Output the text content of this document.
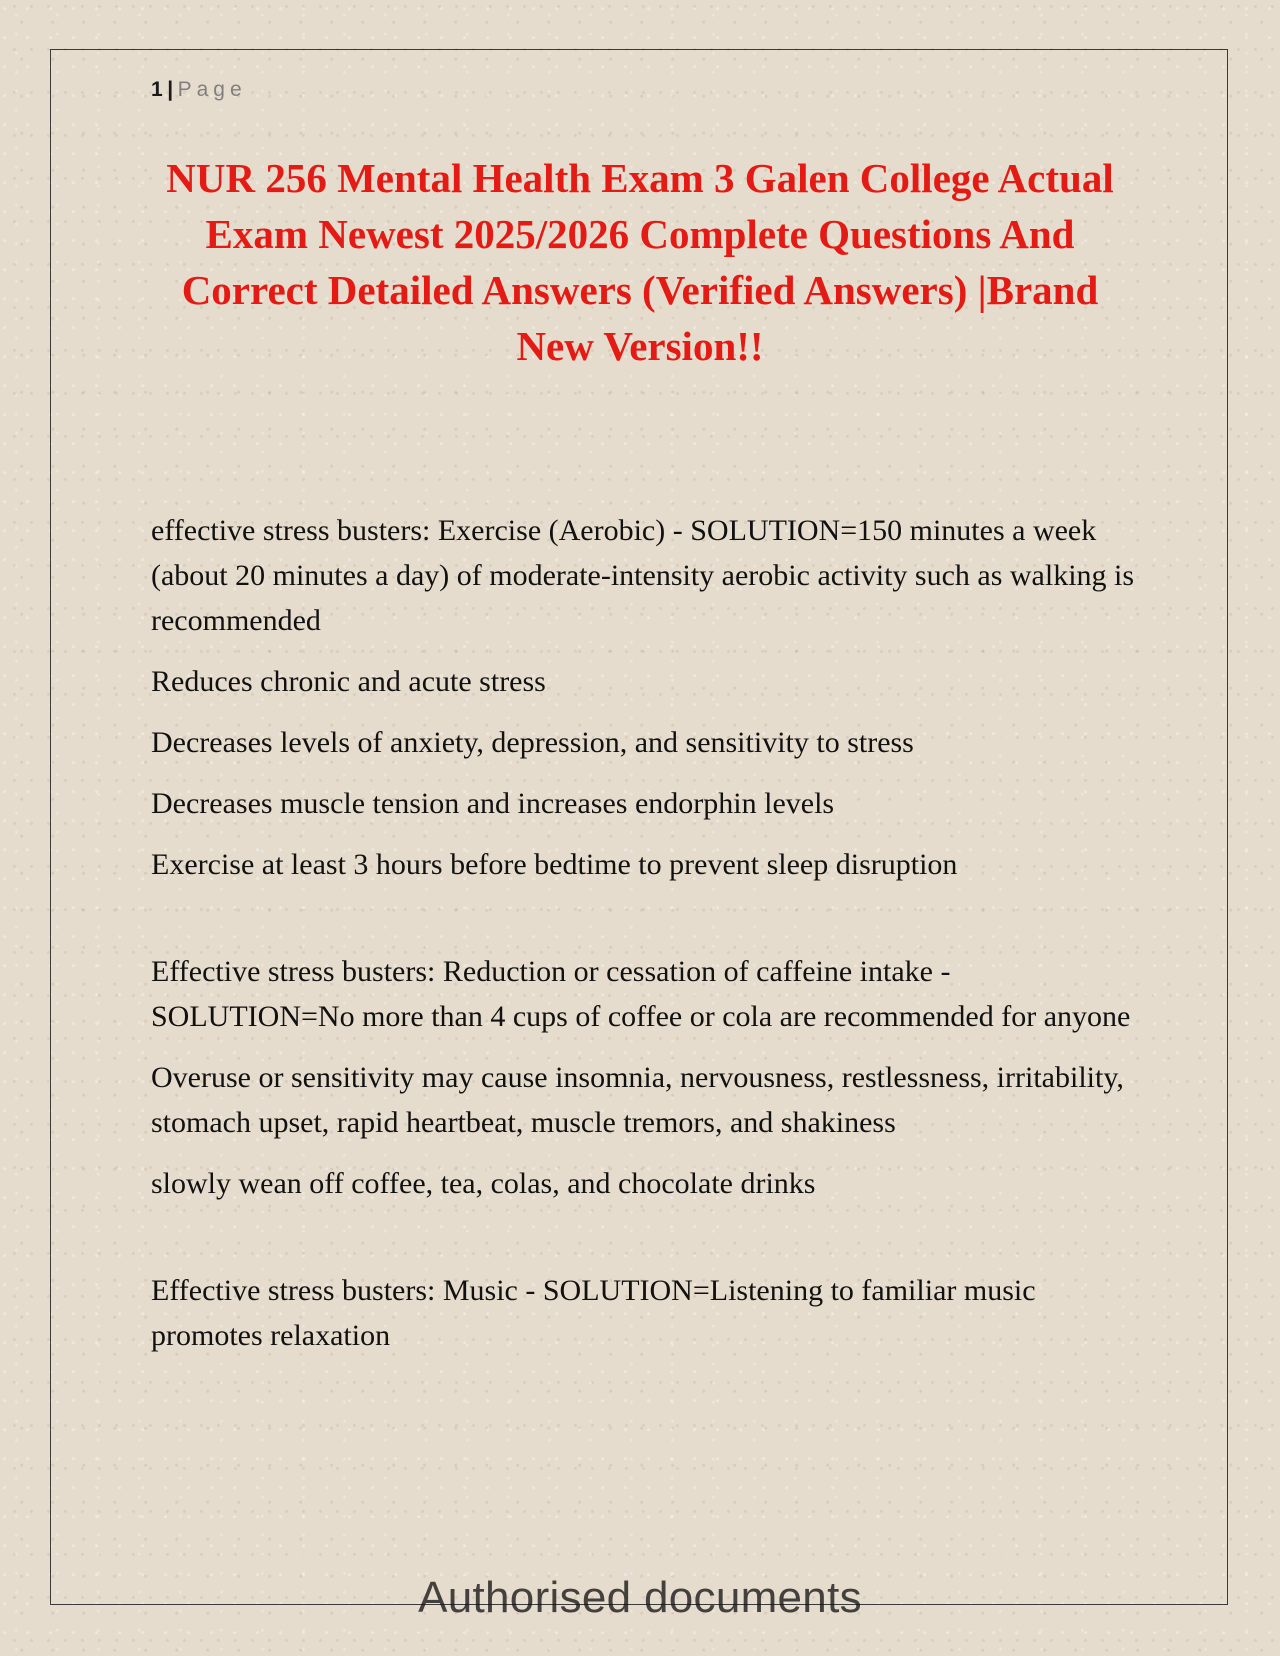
1 | Page
NUR 256 Mental Health Exam 3 Galen College Actual Exam Newest 2025/2026 Complete Questions And Correct Detailed Answers (Verified Answers) |Brand New Version!!

effective stress busters: Exercise (Aerobic) - SOLUTION=150 minutes a week (about 20 minutes a day) of moderate-intensity aerobic activity such as walking is recommended

Reduces chronic and acute stress

Decreases levels of anxiety, depression, and sensitivity to stress

Decreases muscle tension and increases endorphin levels

Exercise at least 3 hours before bedtime to prevent sleep disruption

Effective stress busters: Reduction or cessation of caffeine intake - SOLUTION=No more than 4 cups of coffee or cola are recommended for anyone

Overuse or sensitivity may cause insomnia, nervousness, restlessness, irritability, stomach upset, rapid heartbeat, muscle tremors, and shakiness

slowly wean off coffee, tea, colas, and chocolate drinks

Effective stress busters: Music - SOLUTION=Listening to familiar music promotes relaxation

Authorised documents
